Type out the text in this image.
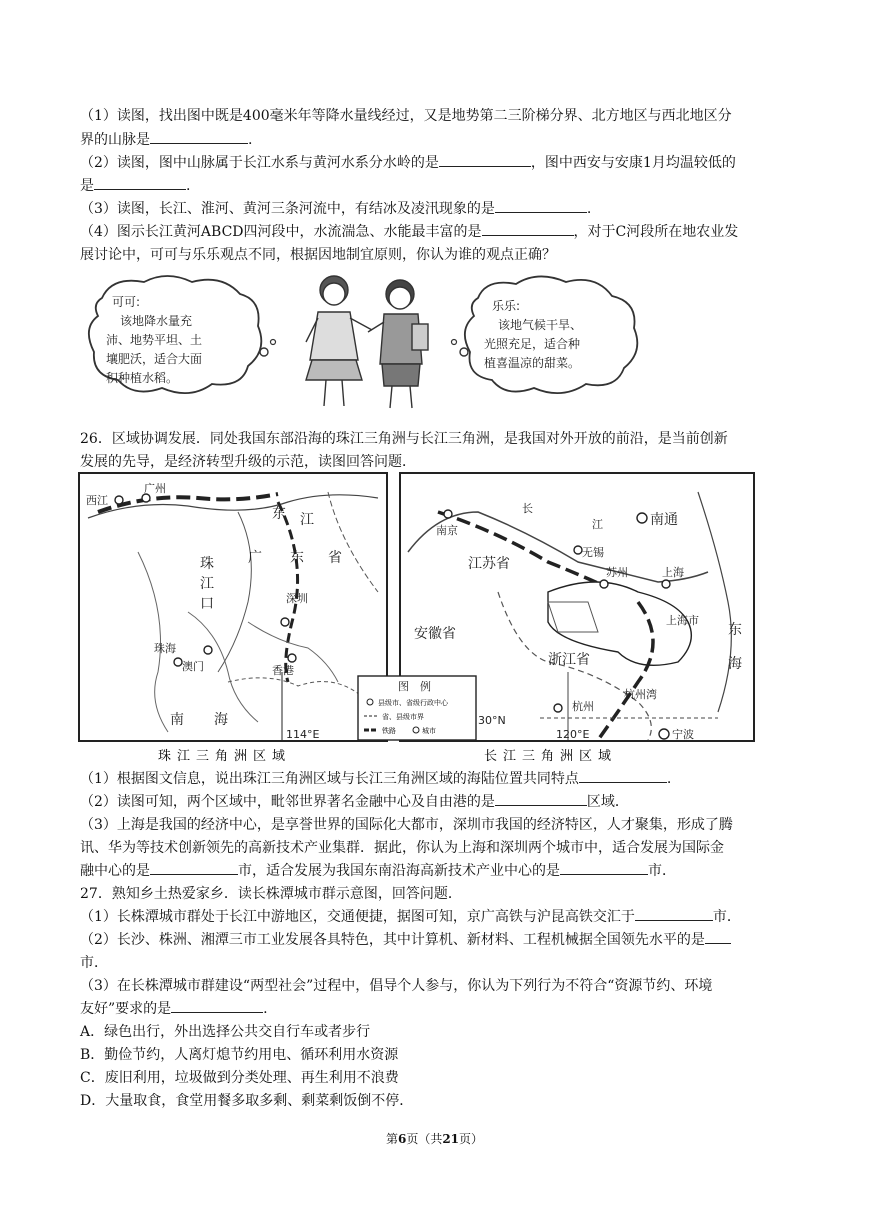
（1）读图，找出图中既是400毫米年等降水量线经过，又是地势第二三阶梯分界、北方地区与西北地区分
界的山脉是	.
（2）读图，图中山脉属于长江水系与黄河水系分水岭的是	，图中西安与安康1月均温较低的
是	.
（3）读图，长江、淮河、黄河三条河流中，有结冰及凌汛现象的是	.
（4）图示长江黄河ABCD四河段中，水流湍急、水能最丰富的是	，对于C河段所在地农业发
展讨论中，可可与乐乐观点不同，根据因地制宜原则，你认为谁的观点正确？
可可:
该地降水量充
沛、地势平坦、土
壤肥沃，适合大面
积种植水稻。
乐乐:
该地气候干旱、
光照充足，适合种
植喜温凉的甜菜。
26．区域协调发展．同处我国东部沿海的珠江三角洲与长江三角洲，是我国对外开放的前沿，是当前创新
发展的先导，是经济转型升级的示范，读图回答问题．
西江
广州
东 江
广 东 省
珠
江
口	深圳
珠海
澳门	香港
南 海
114°E
珠江三角洲区域
南京
长
江	南通
无锡
江苏省
苏州	上海
上海市
安徽省
浙江省
东
海
杭州
30°N
120°E	宁波
杭州湾
长江三角洲区域
图　例
县级市、省级行政中心
省、县级市界
铁路	城市
（1）根据图文信息，说出珠江三角洲区域与长江三角洲区域的海陆位置共同特点	.
（2）读图可知，两个区域中，毗邻世界著名金融中心及自由港的是	区域．
（3）上海是我国的经济中心，是享誉世界的国际化大都市，深圳市我国的经济特区，人才聚集，形成了腾
讯、华为等技术创新领先的高新技术产业集群．据此，你认为上海和深圳两个城市中，适合发展为国际金
融中心的是	市，适合发展为我国东南沿海高新技术产业中心的是	市．
27．熟知乡土热爱家乡．读长株潭城市群示意图，回答问题．
（1）长株潭城市群处于长江中游地区，交通便捷，据图可知，京广高铁与沪昆高铁交汇于	市．
（2）长沙、株洲、湘潭三市工业发展各具特色，其中计算机、新材料、工程机械据全国领先水平的是
市．
（3）在长株潭城市群建设“两型社会”过程中，倡导个人参与，你认为下列行为不符合“资源节约、环境
友好”要求的是	.
A．绿色出行，外出选择公共交自行车或者步行
B．勤俭节约，人离灯熄节约用电、循环利用水资源
C．废旧利用，垃圾做到分类处理、再生利用不浪费
D．大量取食，食堂用餐多取多剩、剩菜剩饭倒不停．
第6页（共21页）
